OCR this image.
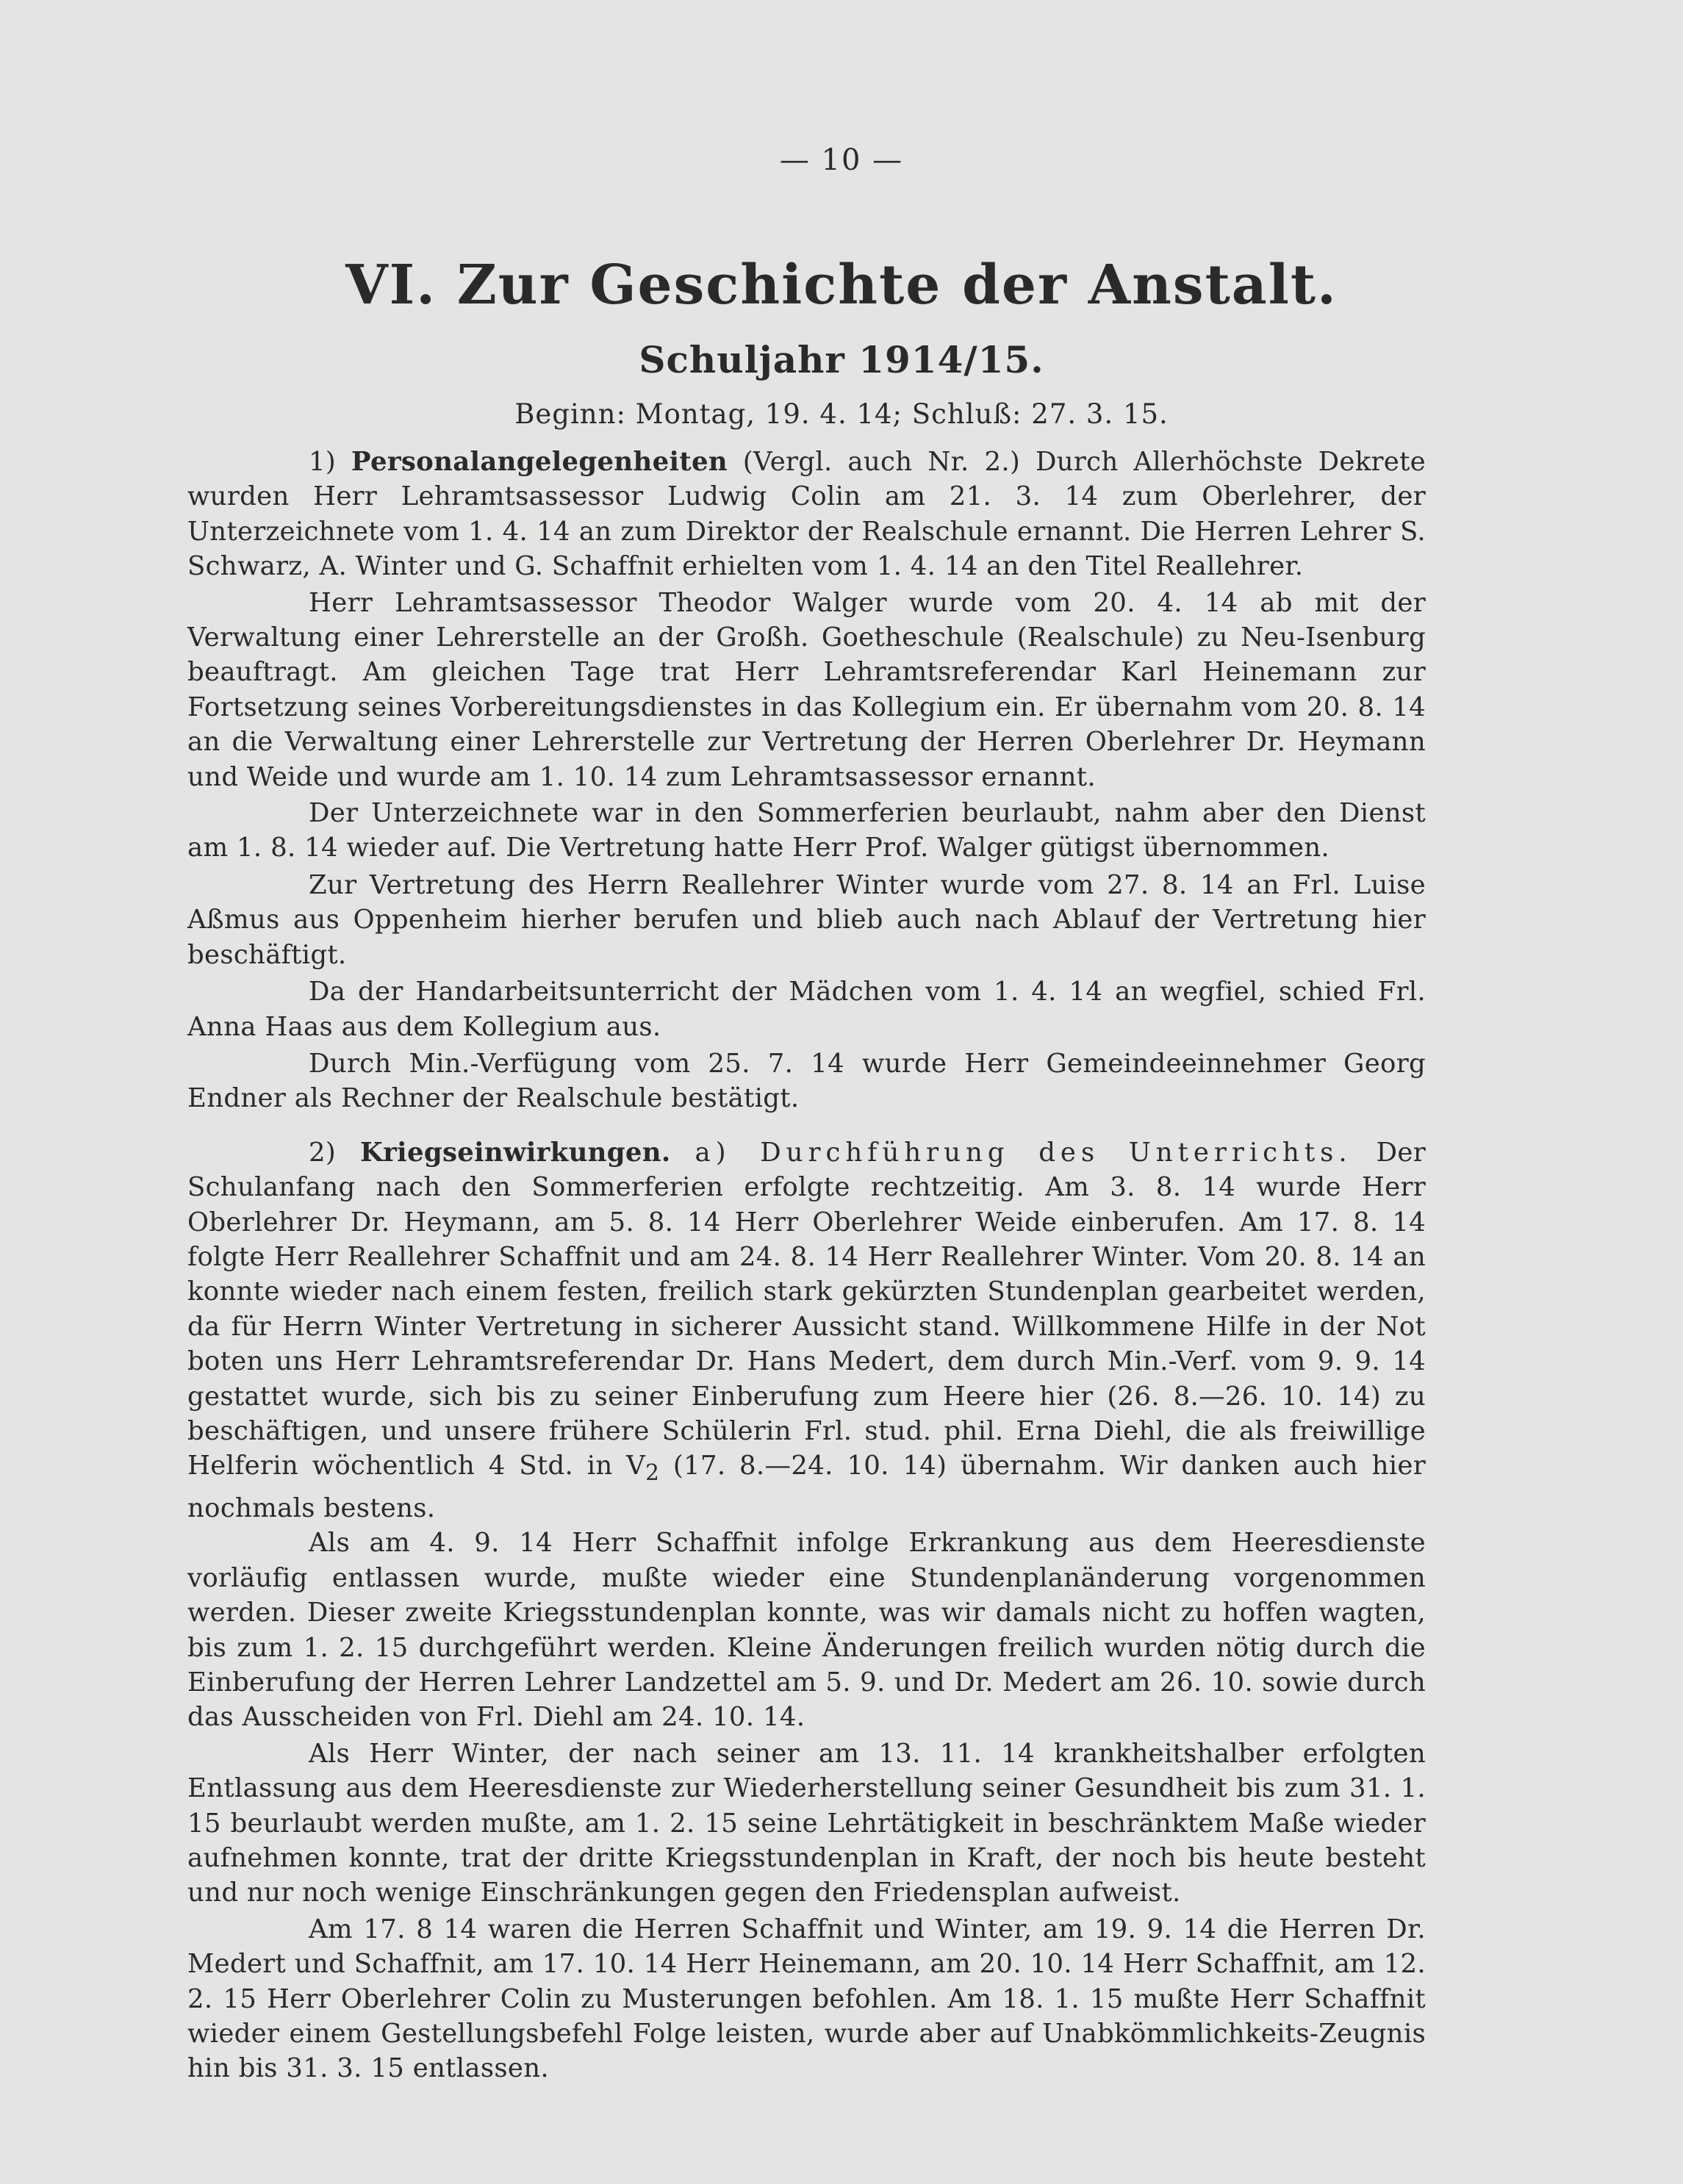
— 10 —
VI. Zur Geschichte der Anstalt.
Schuljahr 1914/15.
Beginn: Montag, 19. 4. 14; Schluß: 27. 3. 15.

1) Personalangelegenheiten (Vergl. auch Nr. 2.) Durch Allerhöchste Dekrete wurden Herr Lehramtsassessor Ludwig Colin am 21. 3. 14 zum Oberlehrer, der Unterzeichnete vom 1. 4. 14 an zum Direktor der Realschule ernannt. Die Herren Lehrer S. Schwarz, A. Winter und G. Schaffnit erhielten vom 1. 4. 14 an den Titel Reallehrer.

Herr Lehramtsassessor Theodor Walger wurde vom 20. 4. 14 ab mit der Verwaltung einer Lehrerstelle an der Großh. Goetheschule (Realschule) zu Neu-Isenburg beauftragt. Am gleichen Tage trat Herr Lehramtsreferendar Karl Heinemann zur Fortsetzung seines Vorbereitungsdienstes in das Kollegium ein. Er übernahm vom 20. 8. 14 an die Verwaltung einer Lehrerstelle zur Vertretung der Herren Oberlehrer Dr. Heymann und Weide und wurde am 1. 10. 14 zum Lehramtsassessor ernannt.

Der Unterzeichnete war in den Sommerferien beurlaubt, nahm aber den Dienst am 1. 8. 14 wieder auf. Die Vertretung hatte Herr Prof. Walger gütigst übernommen.

Zur Vertretung des Herrn Reallehrer Winter wurde vom 27. 8. 14 an Frl. Luise Aßmus aus Oppenheim hierher berufen und blieb auch nach Ablauf der Vertretung hier beschäftigt.

Da der Handarbeitsunterricht der Mädchen vom 1. 4. 14 an wegfiel, schied Frl. Anna Haas aus dem Kollegium aus.

Durch Min.-Verfügung vom 25. 7. 14 wurde Herr Gemeindeeinnehmer Georg Endner als Rechner der Realschule bestätigt.

2) Kriegseinwirkungen. a) Durchführung des Unterrichts. Der Schulanfang nach den Sommerferien erfolgte rechtzeitig. Am 3. 8. 14 wurde Herr Oberlehrer Dr. Heymann, am 5. 8. 14 Herr Oberlehrer Weide einberufen. Am 17. 8. 14 folgte Herr Reallehrer Schaffnit und am 24. 8. 14 Herr Reallehrer Winter. Vom 20. 8. 14 an konnte wieder nach einem festen, freilich stark gekürzten Stundenplan gearbeitet werden, da für Herrn Winter Vertretung in sicherer Aussicht stand. Willkommene Hilfe in der Not boten uns Herr Lehramtsreferendar Dr. Hans Medert, dem durch Min.-Verf. vom 9. 9. 14 gestattet wurde, sich bis zu seiner Einberufung zum Heere hier (26. 8.—26. 10. 14) zu beschäftigen, und unsere frühere Schülerin Frl. stud. phil. Erna Diehl, die als freiwillige Helferin wöchentlich 4 Std. in $V_2$ (17. 8.—24. 10. 14) übernahm. Wir danken auch hier nochmals bestens.

Als am 4. 9. 14 Herr Schaffnit infolge Erkrankung aus dem Heeresdienste vorläufig entlassen wurde, mußte wieder eine Stundenplanänderung vorgenommen werden. Dieser zweite Kriegsstundenplan konnte, was wir damals nicht zu hoffen wagten, bis zum 1. 2. 15 durchgeführt werden. Kleine Änderungen freilich wurden nötig durch die Einberufung der Herren Lehrer Landzettel am 5. 9. und Dr. Medert am 26. 10. sowie durch das Ausscheiden von Frl. Diehl am 24. 10. 14.

Als Herr Winter, der nach seiner am 13. 11. 14 krankheitshalber erfolgten Entlassung aus dem Heeresdienste zur Wiederherstellung seiner Gesundheit bis zum 31. 1. 15 beurlaubt werden mußte, am 1. 2. 15 seine Lehrtätigkeit in beschränktem Maße wieder aufnehmen konnte, trat der dritte Kriegsstundenplan in Kraft, der noch bis heute besteht und nur noch wenige Einschränkungen gegen den Friedensplan aufweist.

Am 17. 8 14 waren die Herren Schaffnit und Winter, am 19. 9. 14 die Herren Dr. Medert und Schaffnit, am 17. 10. 14 Herr Heinemann, am 20. 10. 14 Herr Schaffnit, am 12. 2. 15 Herr Oberlehrer Colin zu Musterungen befohlen. Am 18. 1. 15 mußte Herr Schaffnit wieder einem Gestellungsbefehl Folge leisten, wurde aber auf Unabkömmlichkeits-Zeugnis hin bis 31. 3. 15 entlassen.
